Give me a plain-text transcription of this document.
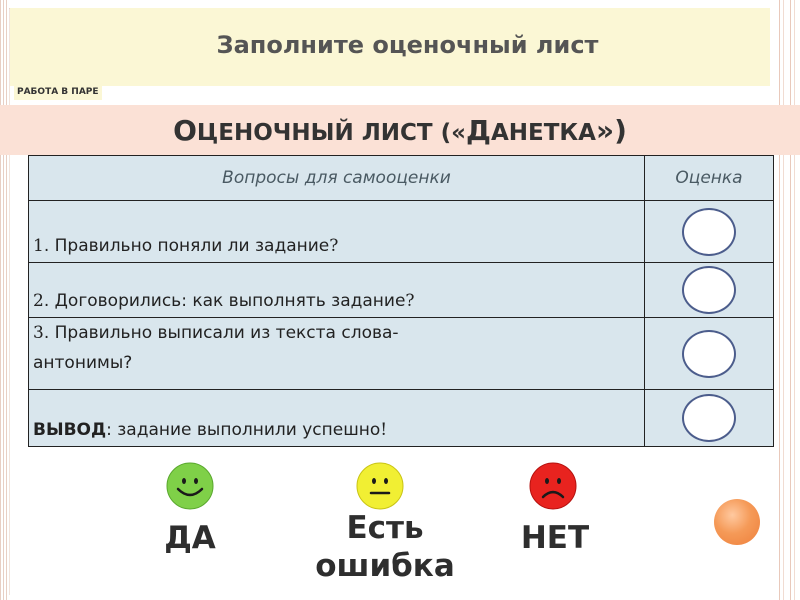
Заполните оценочный лист
РАБОТА В ПАРЕ
ОЦЕНОЧНЫЙ ЛИСТ («ДАНЕТКА»)
Вопросы для самооценки	Оценка
1. Правильно поняли ли задание?	
2. Договорились: как выполнять задание?	
3. Правильно выписали из текста слова-
антонимы?	
ВЫВОД: задание выполнили успешно!	
ДА	Есть
ошибка
НЕТ
